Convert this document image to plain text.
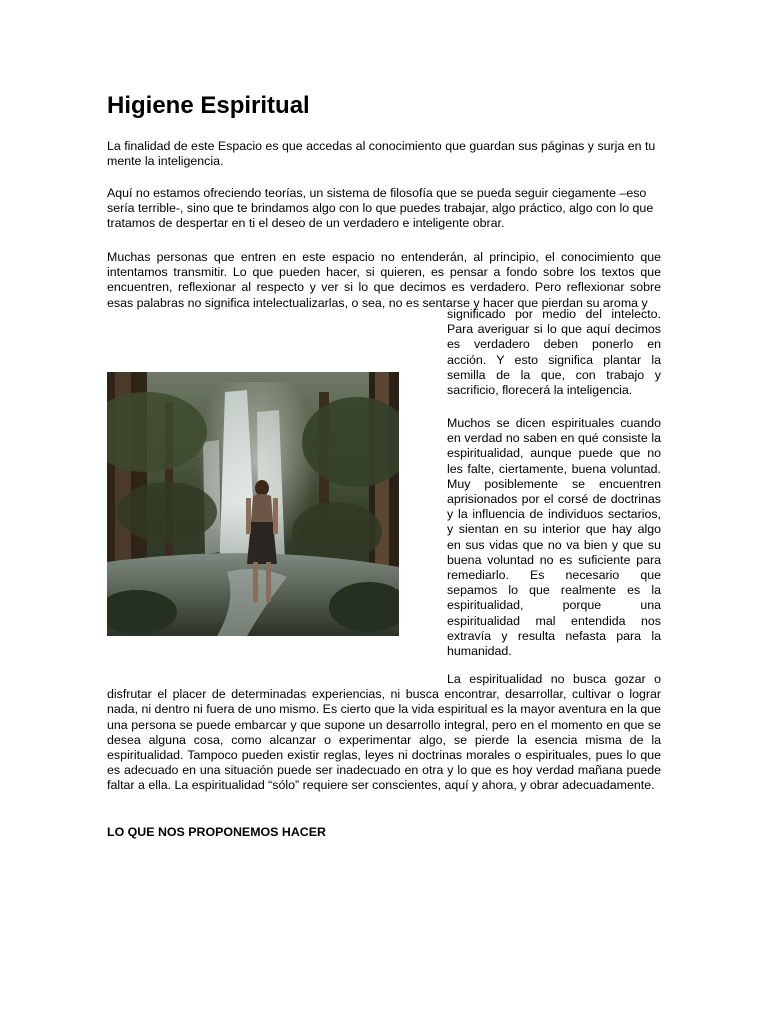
Higiene Espiritual

La finalidad de este Espacio es que accedas al conocimiento que guardan sus páginas y surja en tu mente la inteligencia.

Aquí no estamos ofreciendo teorías, un sistema de filosofía que se pueda seguir ciegamente –eso sería terrible-, sino que te brindamos algo con lo que puedes trabajar, algo práctico, algo con lo que tratamos de despertar en ti el deseo de un verdadero e inteligente obrar.

Muchas personas que entren en este espacio no entenderán, al principio, el conocimiento que intentamos transmitir. Lo que pueden hacer, si quieren, es pensar a fondo sobre los textos que encuentren, reflexionar al respecto y ver si lo que decimos es verdadero. Pero reflexionar sobre esas palabras no significa intelectualizarlas, o sea, no es sentarse y hacer que pierdan su aroma y

significado por medio del intelecto. Para averiguar si lo que aquí decimos es verdadero deben ponerlo en acción. Y esto significa plantar la semilla de la que, con trabajo y sacrificio, florecerá la inteligencia.

Muchos se dicen espirituales cuando en verdad no saben en qué consiste la espiritualidad, aunque puede que no les falte, ciertamente, buena voluntad. Muy posiblemente se encuentren aprisionados por el corsé de doctrinas y la influencia de individuos sectarios, y sientan en su interior que hay algo en sus vidas que no va bien y que su buena voluntad no es suficiente para remediarlo. Es necesario que sepamos lo que realmente es la espiritualidad, porque una espiritualidad mal entendida nos extravía y resulta nefasta para la humanidad.

La espiritualidad no busca gozar o disfrutar el placer de determinadas experiencias, ni busca encontrar, desarrollar, cultivar o lograr nada, ni dentro ni fuera de uno mismo. Es cierto que la vida espiritual es la mayor aventura en la que una persona se puede embarcar y que supone un desarrollo integral, pero en el momento en que se desea alguna cosa, como alcanzar o experimentar algo, se pierde la esencia misma de la espiritualidad. Tampoco pueden existir reglas, leyes ni doctrinas morales o espirituales, pues lo que es adecuado en una situación puede ser inadecuado en otra y lo que es hoy verdad mañana puede faltar a ella. La espiritualidad “sólo” requiere ser conscientes, aquí y ahora, y obrar adecuadamente.

LO QUE NOS PROPONEMOS HACER
